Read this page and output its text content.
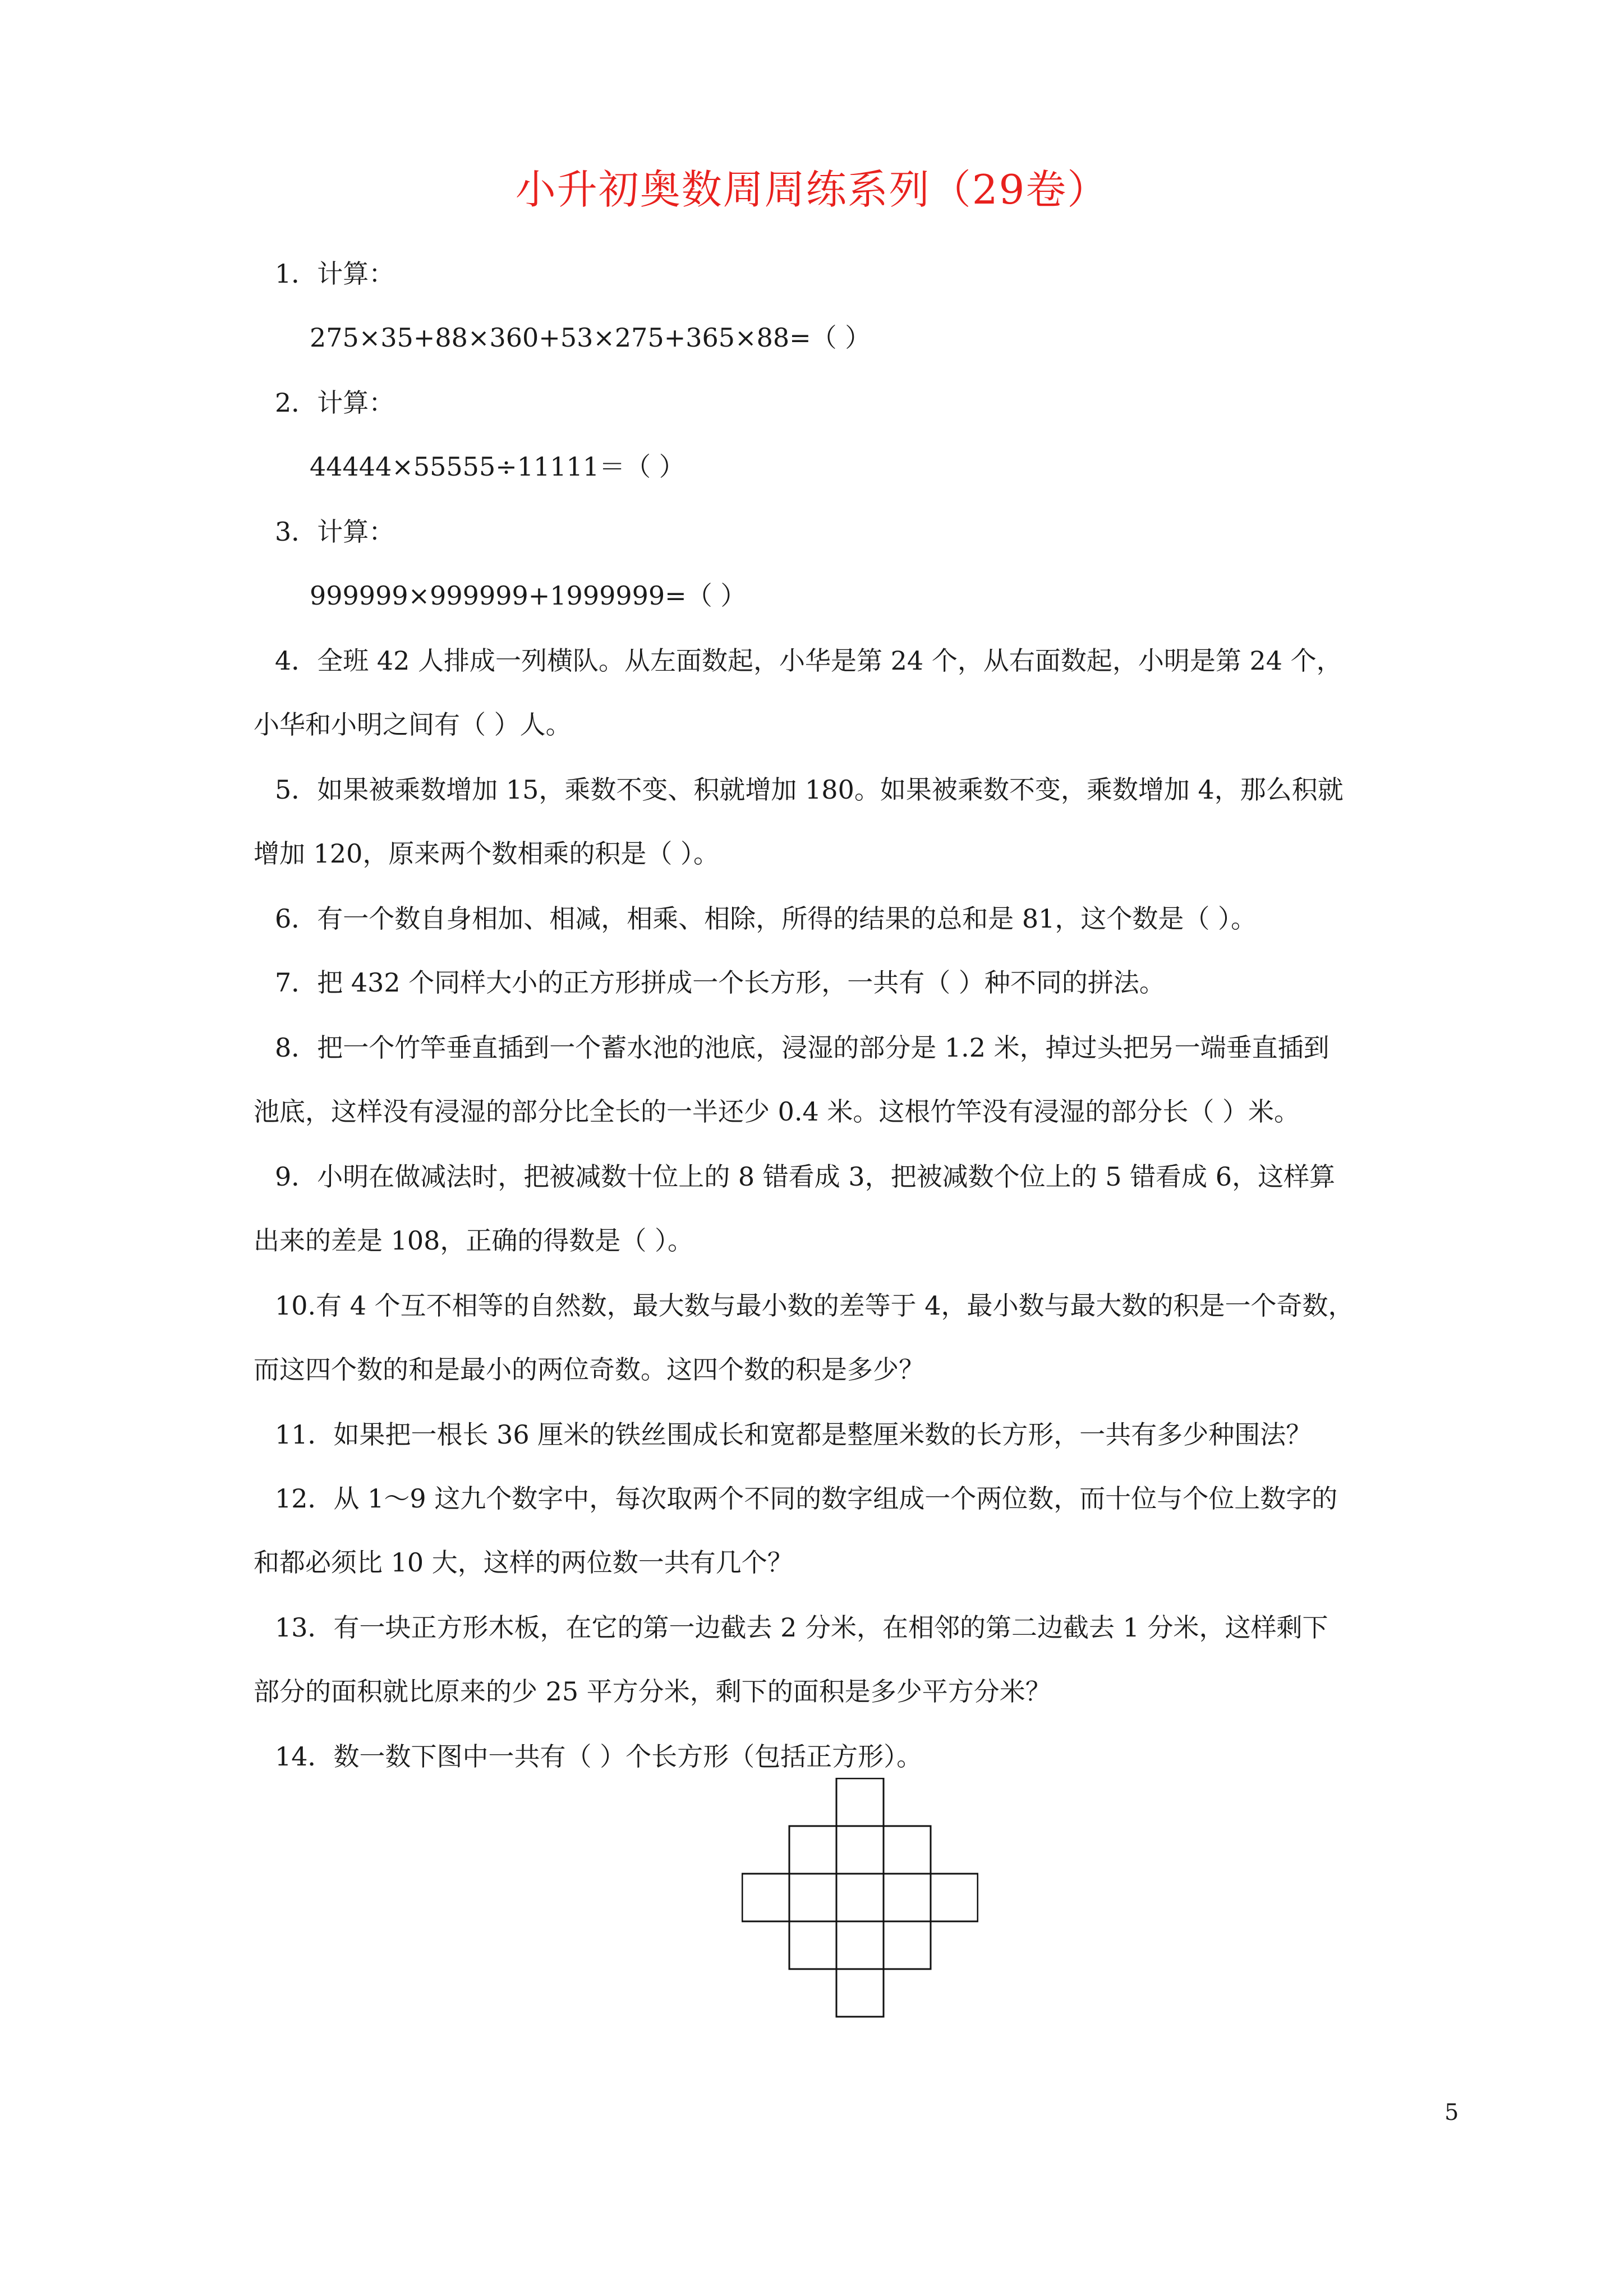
小升初奥数周周练系列（29卷）
1．计算：
275×35+88×360+53×275+365×88=（ ）
2．计算：
44444×55555÷11111＝（ ）
3．计算：
999999×999999+1999999=（ ）
4．全班 42 人排成一列横队。从左面数起，小华是第 24 个，从右面数起，小明是第 24 个，
小华和小明之间有（ ）人。
5．如果被乘数增加 15，乘数不变、积就增加 180。如果被乘数不变，乘数增加 4，那么积就
增加 120，原来两个数相乘的积是（ ）。
6．有一个数自身相加、相减，相乘、相除，所得的结果的总和是 81，这个数是（ ）。
7．把 432 个同样大小的正方形拼成一个长方形，一共有（ ）种不同的拼法。
8．把一个竹竿垂直插到一个蓄水池的池底，浸湿的部分是 1.2 米，掉过头把另一端垂直插到
池底，这样没有浸湿的部分比全长的一半还少 0.4 米。这根竹竿没有浸湿的部分长（ ）米。
9．小明在做减法时，把被减数十位上的 8 错看成 3，把被减数个位上的 5 错看成 6，这样算
出来的差是 108，正确的得数是（ ）。
10.有 4 个互不相等的自然数，最大数与最小数的差等于 4，最小数与最大数的积是一个奇数，
而这四个数的和是最小的两位奇数。这四个数的积是多少？
11．如果把一根长 36 厘米的铁丝围成长和宽都是整厘米数的长方形，一共有多少种围法？
12．从 1～9 这九个数字中，每次取两个不同的数字组成一个两位数，而十位与个位上数字的
和都必须比 10 大，这样的两位数一共有几个？
13．有一块正方形木板，在它的第一边截去 2 分米，在相邻的第二边截去 1 分米，这样剩下
部分的面积就比原来的少 25 平方分米，剩下的面积是多少平方分米？
14．数一数下图中一共有（ ）个长方形（包括正方形）。
5
